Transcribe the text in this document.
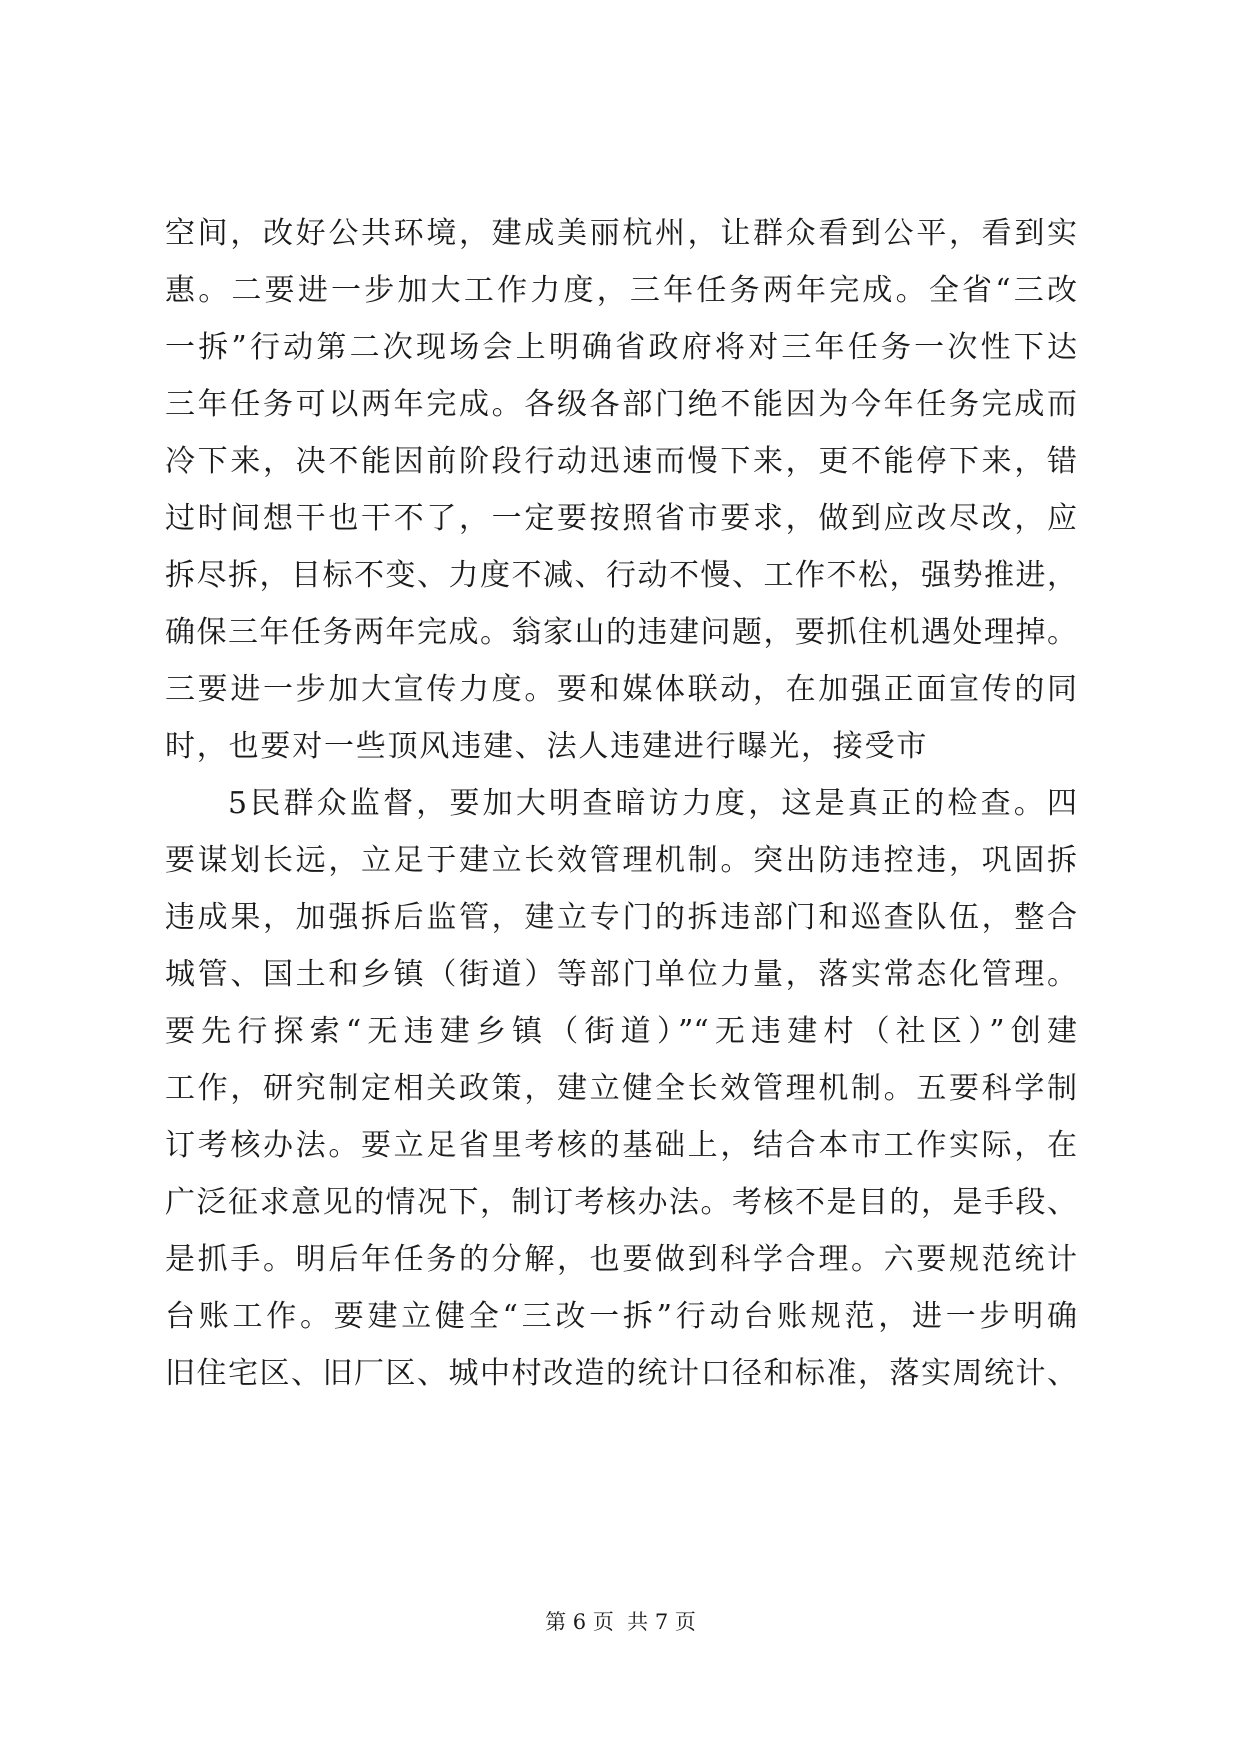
空间，改好公共环境，建成美丽杭州，让群众看到公平，看到实
惠。二要进一步加大工作力度，三年任务两年完成。全省“三改
一拆”行动第二次现场会上明确省政府将对三年任务一次性下达
三年任务可以两年完成。各级各部门绝不能因为今年任务完成而
冷下来，决不能因前阶段行动迅速而慢下来，更不能停下来，错
过时间想干也干不了，一定要按照省市要求，做到应改尽改，应
拆尽拆，目标不变、力度不减、行动不慢、工作不松，强势推进，
确保三年任务两年完成。翁家山的违建问题，要抓住机遇处理掉。
三要进一步加大宣传力度。要和媒体联动，在加强正面宣传的同
时，也要对一些顶风违建、法人违建进行曝光，接受市
5民群众监督，要加大明查暗访力度，这是真正的检查。四
要谋划长远，立足于建立长效管理机制。突出防违控违，巩固拆
违成果，加强拆后监管，建立专门的拆违部门和巡查队伍，整合
城管、国土和乡镇（街道）等部门单位力量，落实常态化管理。
要先行探索“无违建乡镇（街道）”“无违建村（社区）”创建
工作，研究制定相关政策，建立健全长效管理机制。五要科学制
订考核办法。要立足省里考核的基础上，结合本市工作实际，在
广泛征求意见的情况下，制订考核办法。考核不是目的，是手段、
是抓手。明后年任务的分解，也要做到科学合理。六要规范统计
台账工作。要建立健全“三改一拆”行动台账规范，进一步明确
旧住宅区、旧厂区、城中村改造的统计口径和标准，落实周统计、
第 6 页  共 7 页
